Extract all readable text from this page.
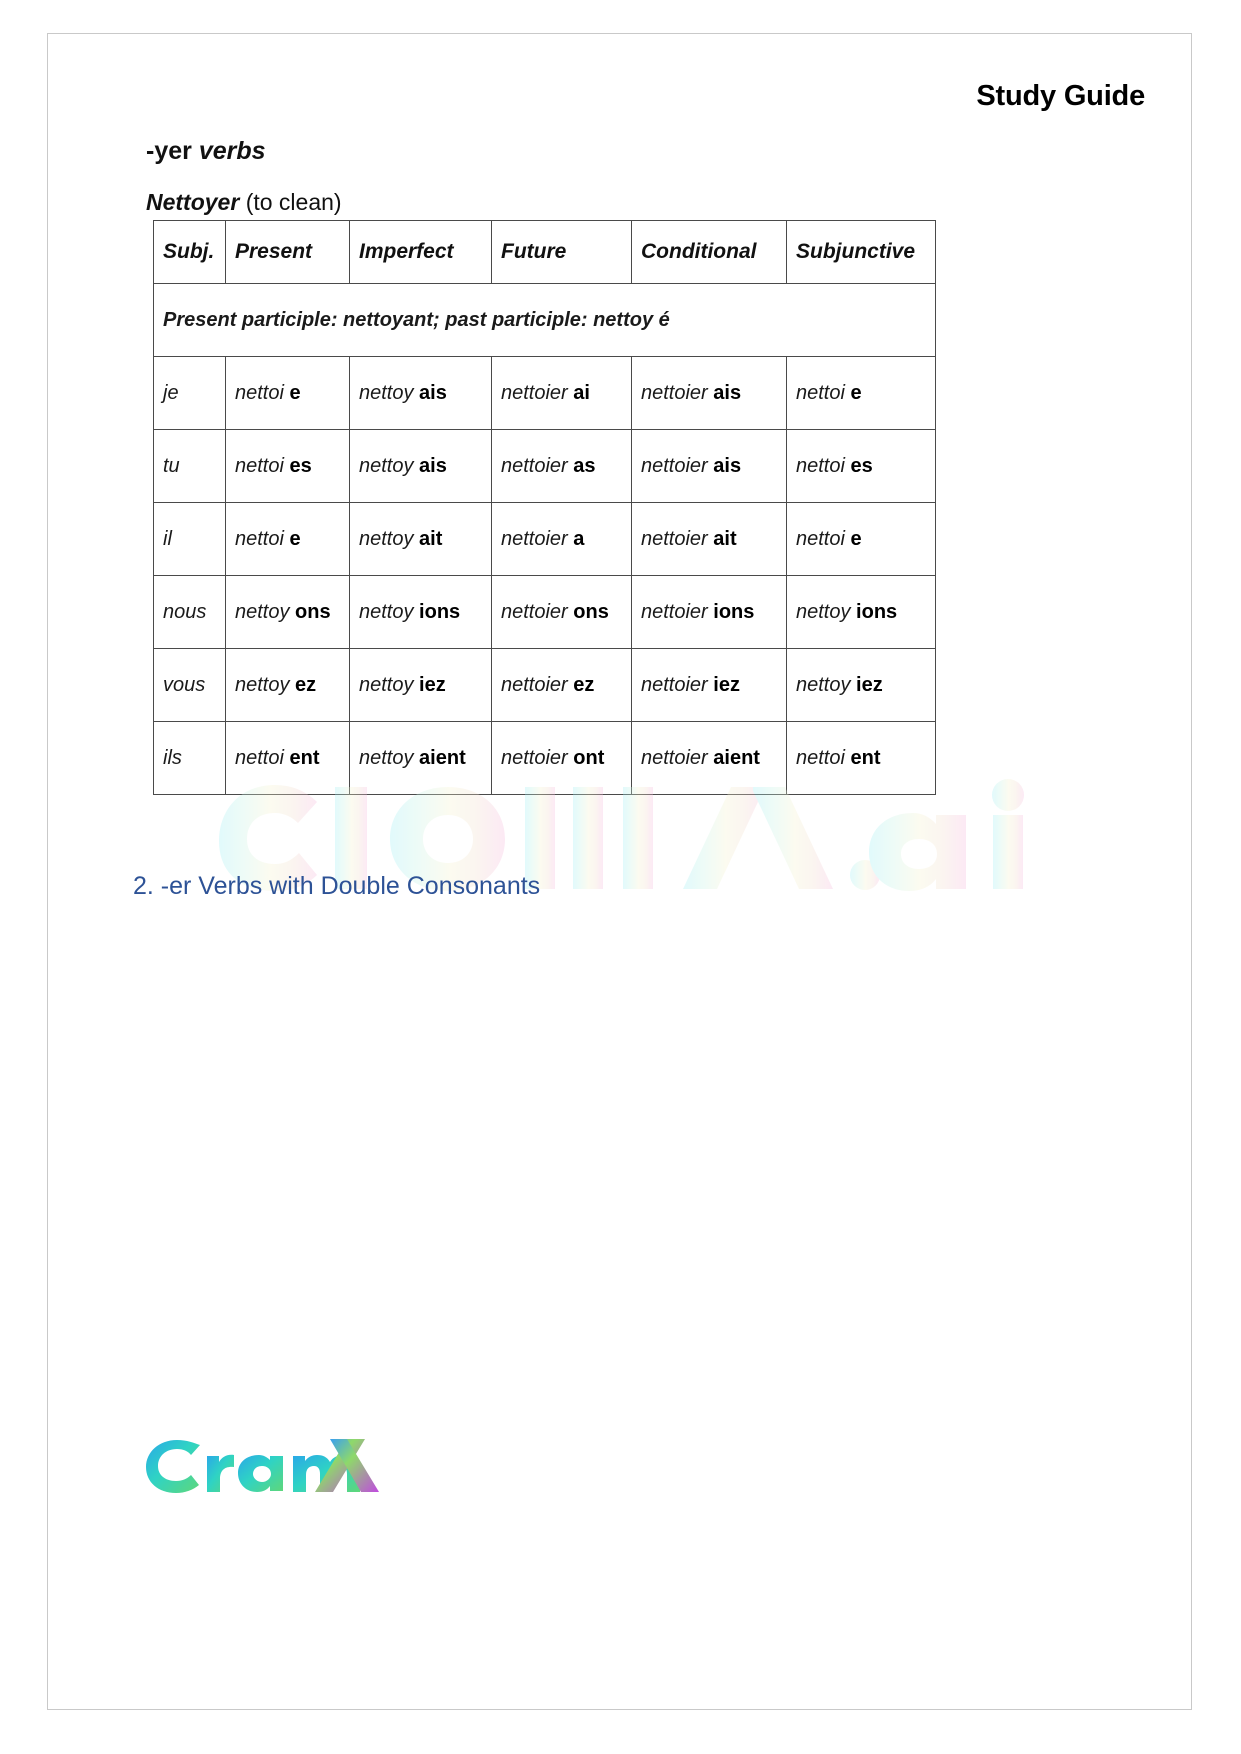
Study Guide
-yer verbs
Nettoyer (to clean)
Present participle: nettoyant; past participle: nettoy é					
Subj.	Present	Imperfect	Future	Conditional	Subjunctive
je	nettoi e	nettoy ais	nettoier ai	nettoier ais	nettoi e
tu	nettoi es	nettoy ais	nettoier as	nettoier ais	nettoi es
il	nettoi e	nettoy ait	nettoier a	nettoier ait	nettoi e
nous	nettoy ons	nettoy ions	nettoier ons	nettoier ions	nettoy ions
vous	nettoy ez	nettoy iez	nettoier ez	nettoier iez	nettoy iez
ils	nettoi ent	nettoy aient	nettoier ont	nettoier aient	nettoi ent
2. -er Verbs with Double Consonants
